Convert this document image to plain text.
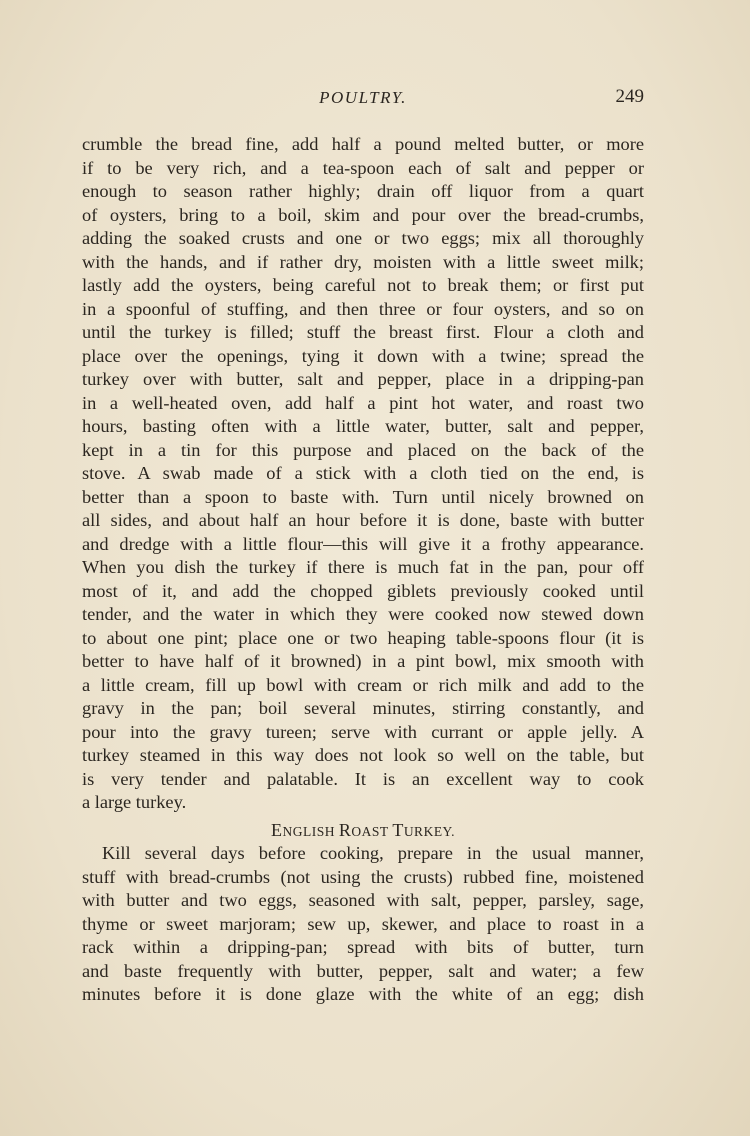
POULTRY.	249
crumble the bread fine, add half a pound melted butter, or more
if to be very rich, and a tea-spoon each of salt and pepper or
enough to season rather highly; drain off liquor from a quart
of oysters, bring to a boil, skim and pour over the bread-crumbs,
adding the soaked crusts and one or two eggs; mix all thoroughly
with the hands, and if rather dry, moisten with a little sweet milk;
lastly add the oysters, being careful not to break them; or first put
in a spoonful of stuffing, and then three or four oysters, and so on
until the turkey is filled; stuff the breast first. Flour a cloth and
place over the openings, tying it down with a twine; spread the
turkey over with butter, salt and pepper, place in a dripping-pan
in a well-heated oven, add half a pint hot water, and roast two
hours, basting often with a little water, butter, salt and pepper,
kept in a tin for this purpose and placed on the back of the
stove. A swab made of a stick with a cloth tied on the end, is
better than a spoon to baste with. Turn until nicely browned on
all sides, and about half an hour before it is done, baste with butter
and dredge with a little flour—this will give it a frothy appearance.
When you dish the turkey if there is much fat in the pan, pour off
most of it, and add the chopped giblets previously cooked until
tender, and the water in which they were cooked now stewed down
to about one pint; place one or two heaping table-spoons flour (it is
better to have half of it browned) in a pint bowl, mix smooth with
a little cream, fill up bowl with cream or rich milk and add to the
gravy in the pan; boil several minutes, stirring constantly, and
pour into the gravy tureen; serve with currant or apple jelly. A
turkey steamed in this way does not look so well on the table, but
is very tender and palatable. It is an excellent way to cook
a large turkey.
ENGLISH ROAST TURKEY.
Kill several days before cooking, prepare in the usual manner,
stuff with bread-crumbs (not using the crusts) rubbed fine, moistened
with butter and two eggs, seasoned with salt, pepper, parsley, sage,
thyme or sweet marjoram; sew up, skewer, and place to roast in a
rack within a dripping-pan; spread with bits of butter, turn
and baste frequently with butter, pepper, salt and water; a few
minutes before it is done glaze with the white of an egg; dish
